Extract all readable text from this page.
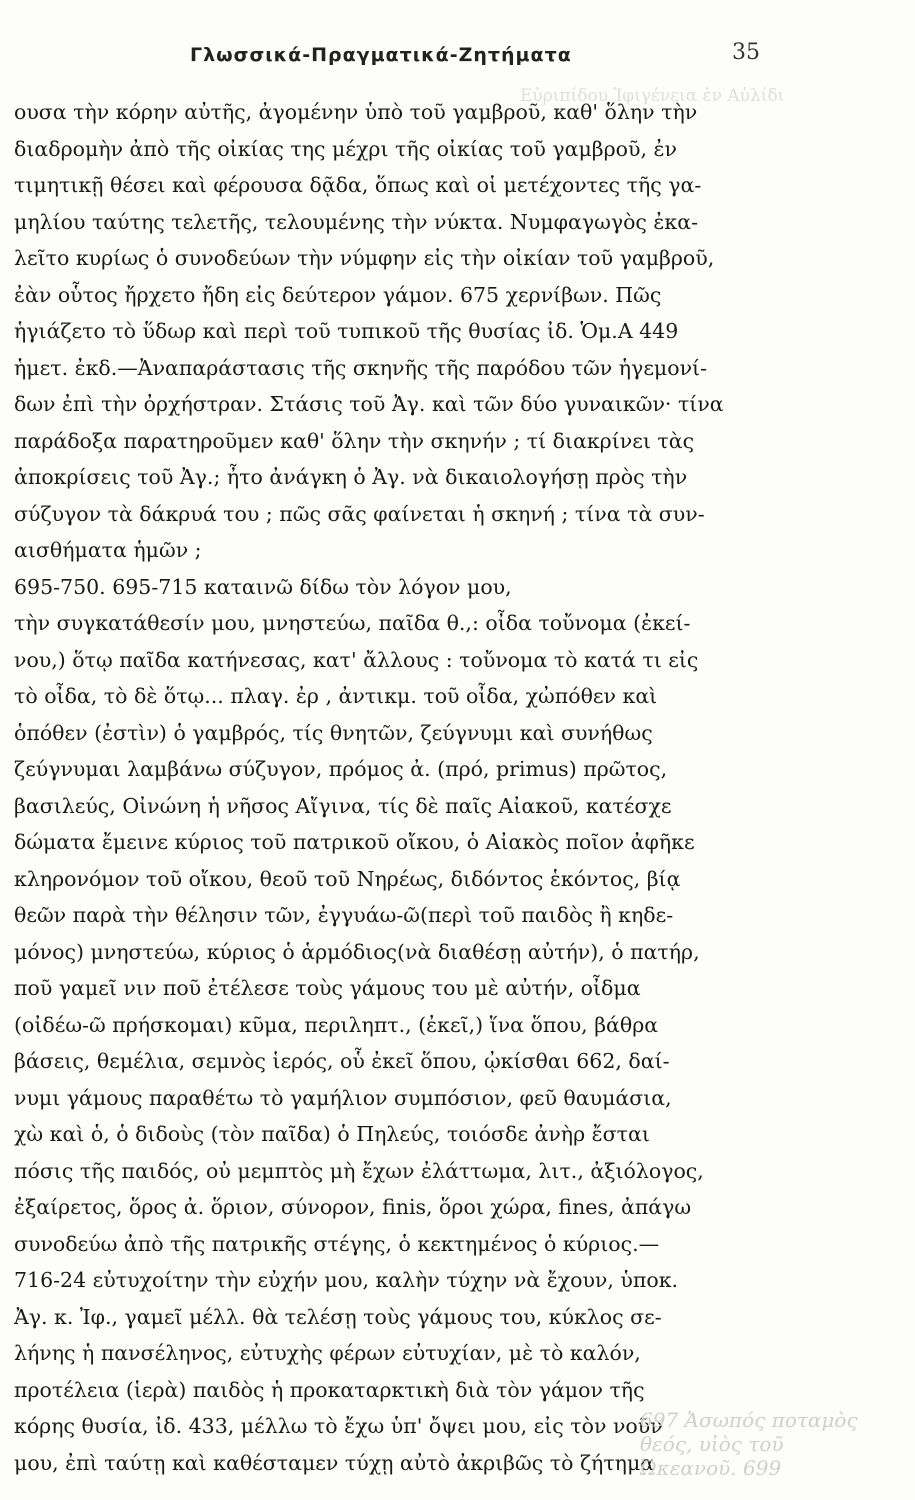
Εὐριπίδου Ἰφιγένεια ἐν Αὐλίδι
Γλωσσικά-Πραγματικά-Ζητήματα	35
ουσα τὴν κόρην αὐτῆς, ἀγομένην ὑπὸ τοῦ γαμβροῦ, καθ' ὅλην τὴν
διαδρομὴν ἀπὸ τῆς οἰκίας της μέχρι τῆς οἰκίας τοῦ γαμβροῦ, ἐν
τιμητικῇ θέσει καὶ φέρουσα δᾷδα, ὅπως καὶ οἱ μετέχοντες τῆς γα-
μηλίου ταύτης τελετῆς, τελουμένης τὴν νύκτα. Νυμφαγωγὸς ἐκα-
λεῖτο κυρίως ὁ συνοδεύων τὴν νύμφην εἰς τὴν οἰκίαν τοῦ γαμβροῦ,
ἐὰν οὗτος ἤρχετο ἤδη εἰς δεύτερον γάμον. 675 χερνίβων. Πῶς
ἡγιάζετο τὸ ὕδωρ καὶ περὶ τοῦ τυπικοῦ τῆς θυσίας ἰδ. Ὁμ.Α 449
ἡμετ. ἐκδ.—Ἀναπαράστασις τῆς σκηνῆς τῆς παρόδου τῶν ἡγεμονί-
δων ἐπὶ τὴν ὀρχήστραν. Στάσις τοῦ Ἀγ. καὶ τῶν δύο γυναικῶν· τίνα
παράδοξα παρατηροῦμεν καθ' ὅλην τὴν σκηνήν ; τί διακρίνει τὰς
ἀποκρίσεις τοῦ Ἀγ.; ἦτο ἀνάγκη ὁ Ἀγ. νὰ δικαιολογήσῃ πρὸς τὴν
σύζυγον τὰ δάκρυά του ; πῶς σᾶς φαίνεται ἡ σκηνή ; τίνα τὰ συν-
αισθήματα ἡμῶν ;
695-750. 695-715 καταινῶ δίδω τὸν λόγον μου,
τὴν συγκατάθεσίν μου, μνηστεύω, παῖδα θ.,: οἶδα τοὔνομα (ἐκεί-
νου,) ὅτῳ παῖδα κατήνεσας, κατ' ἄλλους : τοὔνομα τὸ κατά τι εἰς
τὸ οἶδα, τὸ δὲ ὅτῳ... πλαγ. ἐρ , ἀντικμ. τοῦ οἶδα, χὠπόθεν καὶ
ὁπόθεν (ἐστὶν) ὁ γαμβρός, τίς θνητῶν, ζεύγνυμι καὶ συνήθως
ζεύγνυμαι λαμβάνω σύζυγον, πρόμος ἀ. (πρό, primus) πρῶτος,
βασιλεύς, Οἰνώνη ἡ νῆσος Αἴγινα, τίς δὲ παῖς Αἰακοῦ, κατέσχε
δώματα ἔμεινε κύριος τοῦ πατρικοῦ οἴκου, ὁ Αἰακὸς ποῖον ἀφῆκε
κληρονόμον τοῦ οἴκου, θεοῦ τοῦ Νηρέως, διδόντος ἑκόντος, βίᾳ
θεῶν παρὰ τὴν θέλησιν τῶν, ἐγγυάω-ῶ(περὶ τοῦ παιδὸς ἢ κηδε-
μόνος) μνηστεύω, κύριος ὁ ἁρμόδιος(νὰ διαθέσῃ αὐτήν), ὁ πατήρ,
ποῦ γαμεῖ νιν ποῦ ἐτέλεσε τοὺς γάμους του μὲ αὐτήν, οἶδμα
(οἰδέω-ῶ πρήσκομαι) κῦμα, περιληπτ., (ἐκεῖ,) ἵνα ὅπου, βάθρα
βάσεις, θεμέλια, σεμνὸς ἱερός, οὗ ἐκεῖ ὅπου, ᾠκίσθαι 662, δαί-
νυμι γάμους παραθέτω τὸ γαμήλιον συμπόσιον, φεῦ θαυμάσια,
χὼ καὶ ὁ, ὁ διδοὺς (τὸν παῖδα) ὁ Πηλεύς, τοιόσδε ἀνὴρ ἔσται
πόσις τῆς παιδός, οὐ μεμπτὸς μὴ ἔχων ἐλάττωμα, λιτ., ἀξιόλογος,
ἐξαίρετος, ὅρος ἀ. ὅριον, σύνορον, finis, ὅροι χώρα, fines, ἀπάγω
συνοδεύω ἀπὸ τῆς πατρικῆς στέγης, ὁ κεκτημένος ὁ κύριος.—
716-24 εὐτυχοίτην τὴν εὐχήν μου, καλὴν τύχην νὰ ἔχουν, ὑποκ.
Ἀγ. κ. Ἰφ., γαμεῖ μέλλ. θὰ τελέσῃ τοὺς γάμους του, κύκλος σε-
λήνης ἡ πανσέληνος, εὐτυχὴς φέρων εὐτυχίαν, μὲ τὸ καλόν,
προτέλεια (ἱερὰ) παιδὸς ἡ προκαταρκτικὴ διὰ τὸν γάμον τῆς
κόρης θυσία, ἰδ. 433, μέλλω τὸ ἔχω ὑπ' ὄψει μου, εἰς τὸν νοῦν
μου, ἐπὶ ταύτῃ καὶ καθέσταμεν τύχῃ αὐτὸ ἀκριβῶς τὸ ζήτημα
697 Ἀσωπός ποταμὸς θεός, υἱὸς τοῦ Ὠκεανοῦ. 699
